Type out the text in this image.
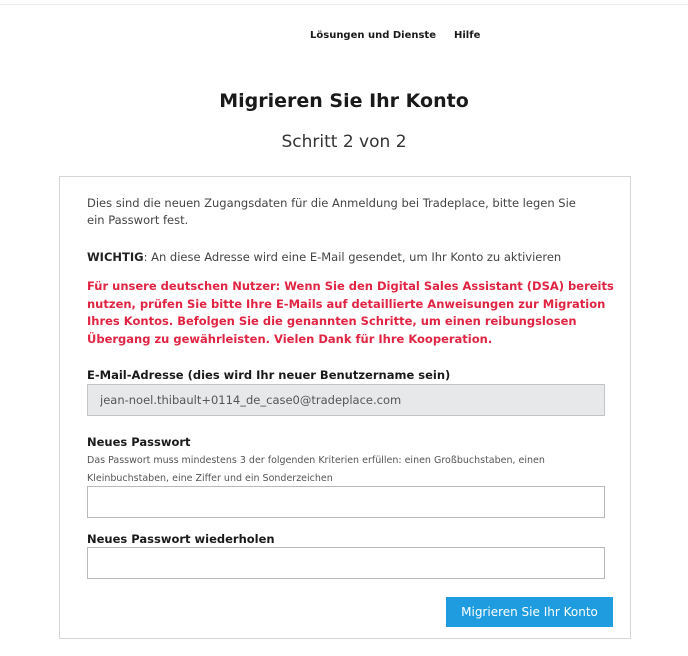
Lösungen und Dienste Hilfe
Migrieren Sie Ihr Konto
Schritt 2 von 2

Dies sind die neuen Zugangsdaten für die Anmeldung bei Tradeplace, bitte legen Sie ein Passwort fest.

WICHTIG: An diese Adresse wird eine E-Mail gesendet, um Ihr Konto zu aktivieren

Für unsere deutschen Nutzer: Wenn Sie den Digital Sales Assistant (DSA) bereits nutzen, prüfen Sie bitte Ihre E-Mails auf detaillierte Anweisungen zur Migration Ihres Kontos. Befolgen Sie die genannten Schritte, um einen reibungslosen Übergang zu gewährleisten. Vielen Dank für Ihre Kooperation.

E-Mail-Adresse (dies wird Ihr neuer Benutzername sein)
jean-noel.thibault+0114_de_case0@tradeplace.com
Neues Passwort

Das Passwort muss mindestens 3 der folgenden Kriterien erfüllen: einen Großbuchstaben, einen Kleinbuchstaben, eine Ziffer und ein Sonderzeichen

Neues Passwort wiederholen
Migrieren Sie Ihr Konto
